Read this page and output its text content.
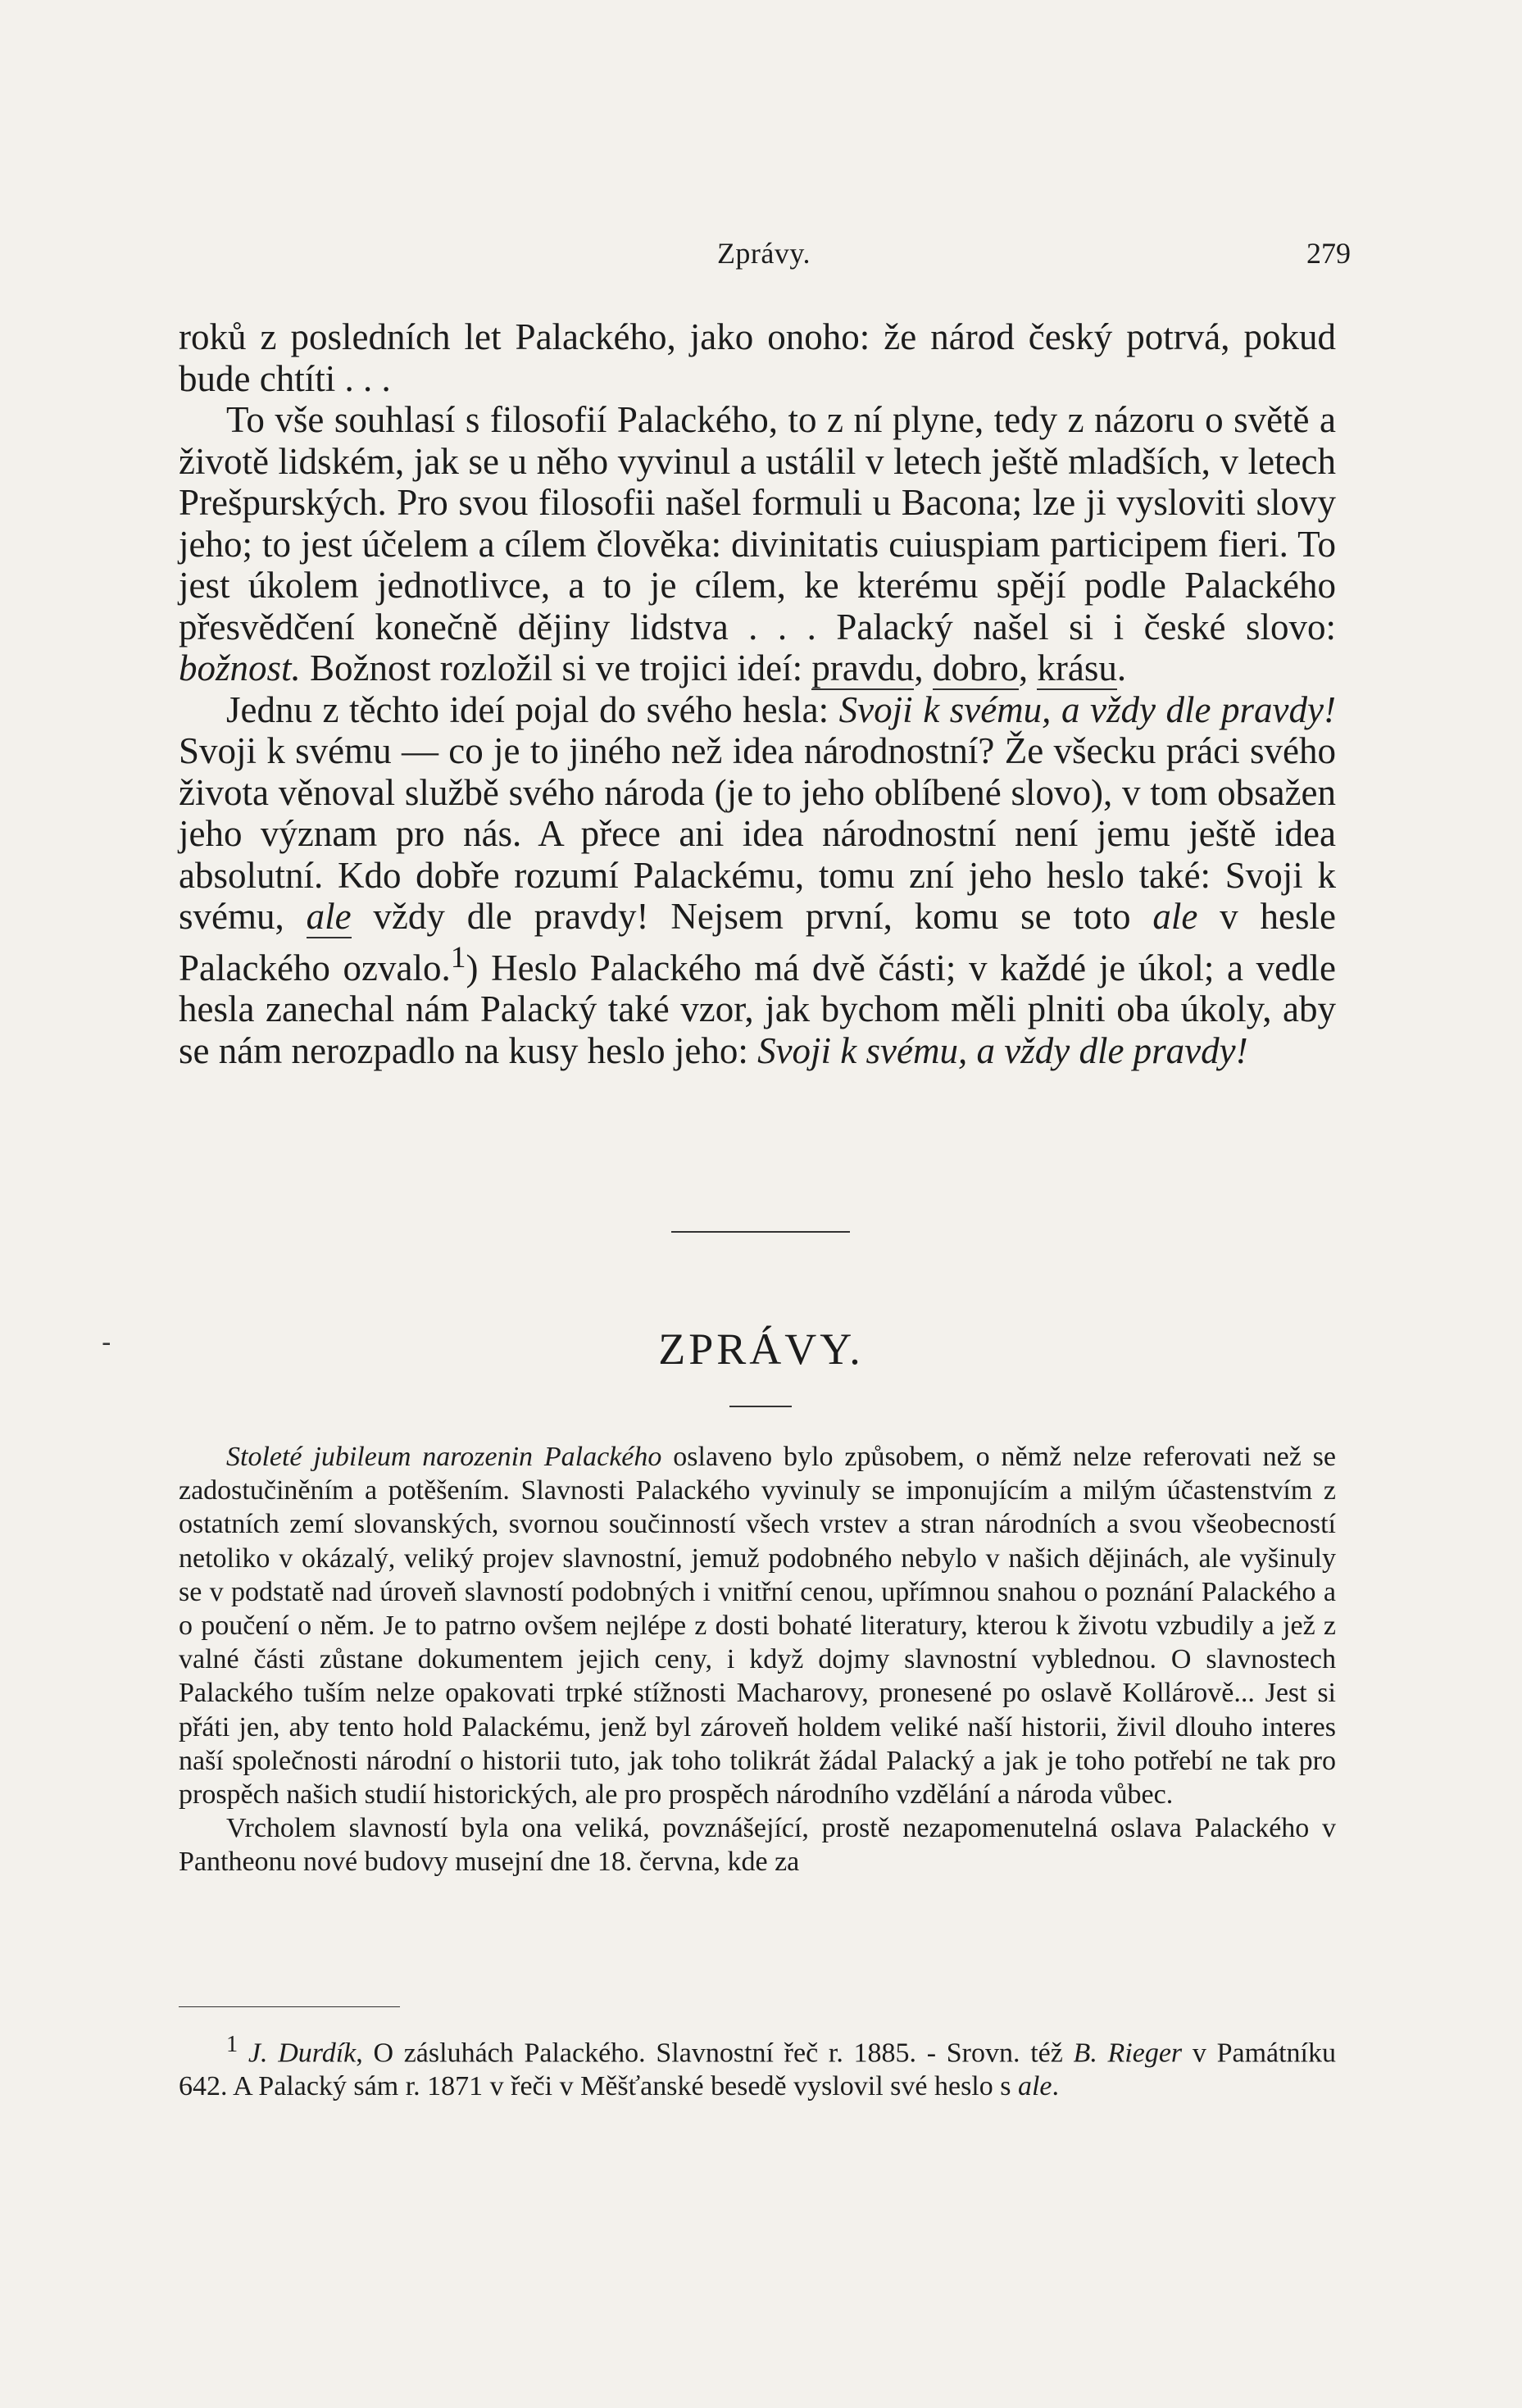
Zprávy.	279

roků z posledních let Palackého, jako onoho: že národ český potrvá, pokud bude chtíti . . .

To vše souhlasí s filosofií Palackého, to z ní plyne, tedy z názoru o světě a životě lidském, jak se u něho vyvinul a ustálil v letech ještě mladších, v letech Prešpurských. Pro svou filosofii našel formuli u Bacona; lze ji vysloviti slovy jeho; to jest účelem a cílem člověka: divinitatis cuiuspiam participem fieri. To jest úkolem jednotlivce, a to je cílem, ke kterému spějí podle Palackého přesvědčení konečně dějiny lidstva . . . Palacký našel si i české slovo: božnost. Božnost rozložil si ve trojici ideí: pravdu, dobro, krásu.

Jednu z těchto ideí pojal do svého hesla: Svoji k svému, a vždy dle pravdy! Svoji k svému — co je to jiného než idea národnostní? Že všecku práci svého života věnoval službě svého národa (je to jeho oblíbené slovo), v tom obsažen jeho význam pro nás. A přece ani idea národnostní není jemu ještě idea absolutní. Kdo dobře rozumí Palackému, tomu zní jeho heslo také: Svoji k svému, ale vždy dle pravdy! Nejsem první, komu se toto ale v hesle Palackého ozvalo.$^1$) Heslo Palackého má dvě části; v každé je úkol; a vedle hesla zanechal nám Palacký také vzor, jak bychom měli plniti oba úkoly, aby se nám nerozpadlo na kusy heslo jeho: Svoji k svému, a vždy dle pravdy!

ZPRÁVY.
-

Stoleté jubileum narozenin Palackého oslaveno bylo způsobem, o němž nelze referovati než se zadostučiněním a potěšením. Slavnosti Palackého vyvinuly se imponujícím a milým účastenstvím z ostatních zemí slovanských, svornou součinností všech vrstev a stran národních a svou všeobecností netoliko v okázalý, veliký projev slavnostní, jemuž podobného nebylo v našich dějinách, ale vyšinuly se v podstatě nad úroveň slavností podobných i vnitřní cenou, upřímnou snahou o poznání Palackého a o poučení o něm. Je to patrno ovšem nejlépe z dosti bohaté literatury, kterou k životu vzbudily a jež z valné části zůstane dokumentem jejich ceny, i když dojmy slavnostní vyblednou. O slavnostech Palackého tuším nelze opakovati trpké stížnosti Macharovy, pronesené po oslavě Kollárově... Jest si přáti jen, aby tento hold Palackému, jenž byl zároveň holdem veliké naší historii, živil dlouho interes naší společnosti národní o historii tuto, jak toho tolikrát žádal Palacký a jak je toho potřebí ne tak pro prospěch našich studií historických, ale pro prospěch národního vzdělání a národa vůbec.

Vrcholem slavností byla ona veliká, povznášející, prostě nezapomenutelná oslava Palackého v Pantheonu nové budovy musejní dne 18. června, kde za

$^1$ J. Durdík, O zásluhách Palackého. Slavnostní řeč r. 1885. - Srovn. též B. Rieger v Památníku 642. A Palacký sám r. 1871 v řeči v Měšťanské besedě vyslovil své heslo s ale.
